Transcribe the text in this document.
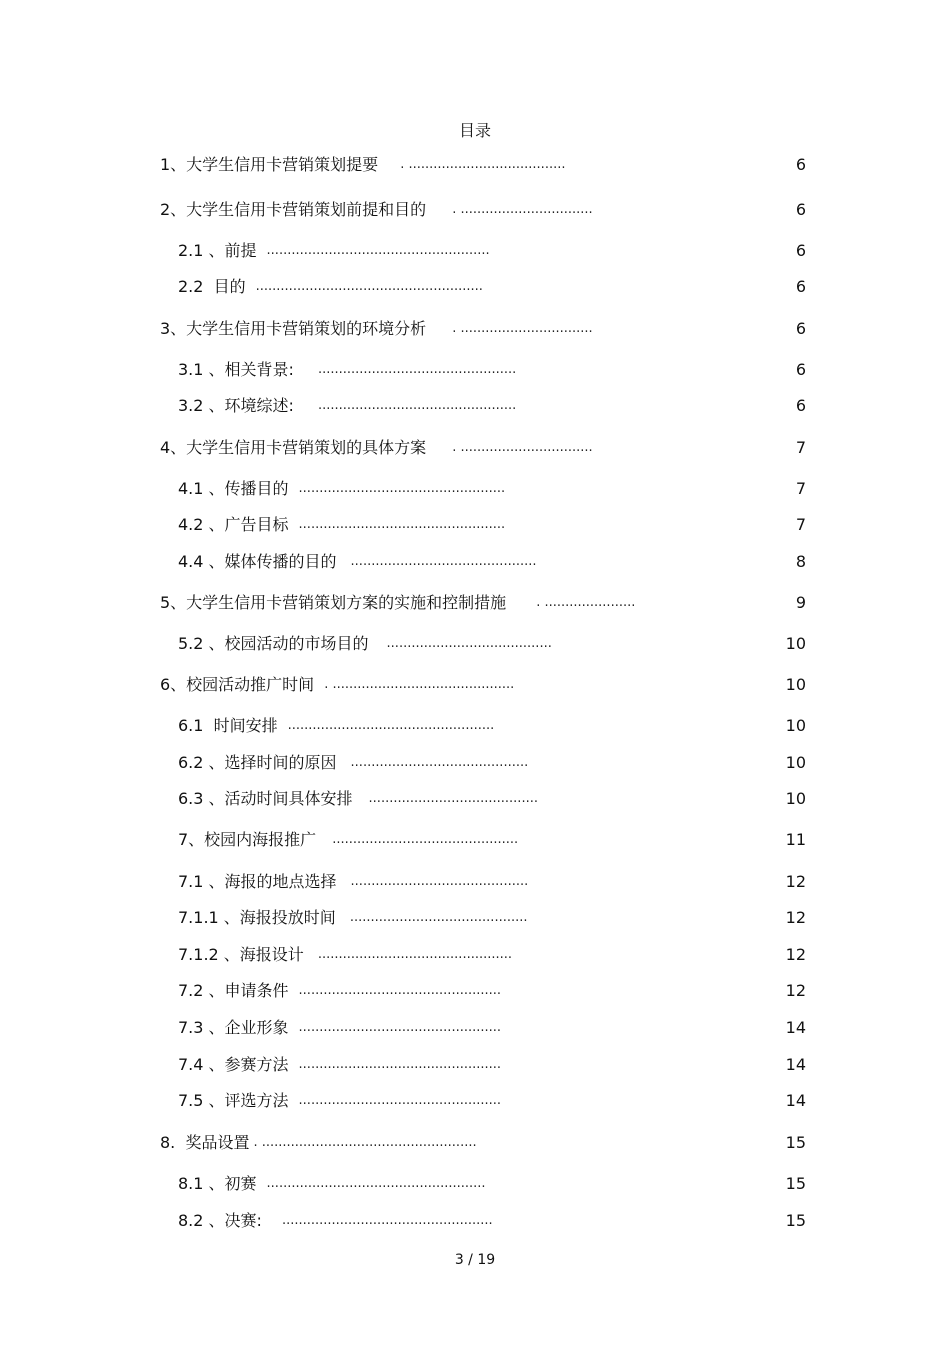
目录
1、大学生信用卡营销策划提要 . ......................................	6
2、大学生信用卡营销策划前提和目的 . ................................	6
2.1 、前提 ......................................................	6
2.2  目的 .......................................................	6
3、大学生信用卡营销策划的环境分析 . ................................	6
3.1 、相关背景: ................................................	6
3.2 、环境综述: ................................................	6
4、大学生信用卡营销策划的具体方案 . ................................	7
4.1 、传播目的 ..................................................	7
4.2 、广告目标 ..................................................	7
4.4 、媒体传播的目的 .............................................	8
5、大学生信用卡营销策划方案的实施和控制措施 . ......................	9
5.2 、校园活动的市场目的 ........................................	10
6、校园活动推广时间 . ............................................	10
6.1  时间安排 ..................................................	10
6.2 、选择时间的原因 ...........................................	10
6.3 、活动时间具体安排 .........................................	10
7、校园内海报推广 .............................................	11
7.1 、海报的地点选择 ...........................................	12
7.1.1 、海报投放时间 ...........................................	12
7.1.2 、海报设计 ...............................................	12
7.2 、申请条件 .................................................	12
7.3 、企业形象 .................................................	14
7.4 、参赛方法 .................................................	14
7.5 、评选方法 .................................................	14
8.  奖品设置 . ....................................................	15
8.1 、初赛 .....................................................	15
8.2 、决赛: ...................................................	15
3 / 19
